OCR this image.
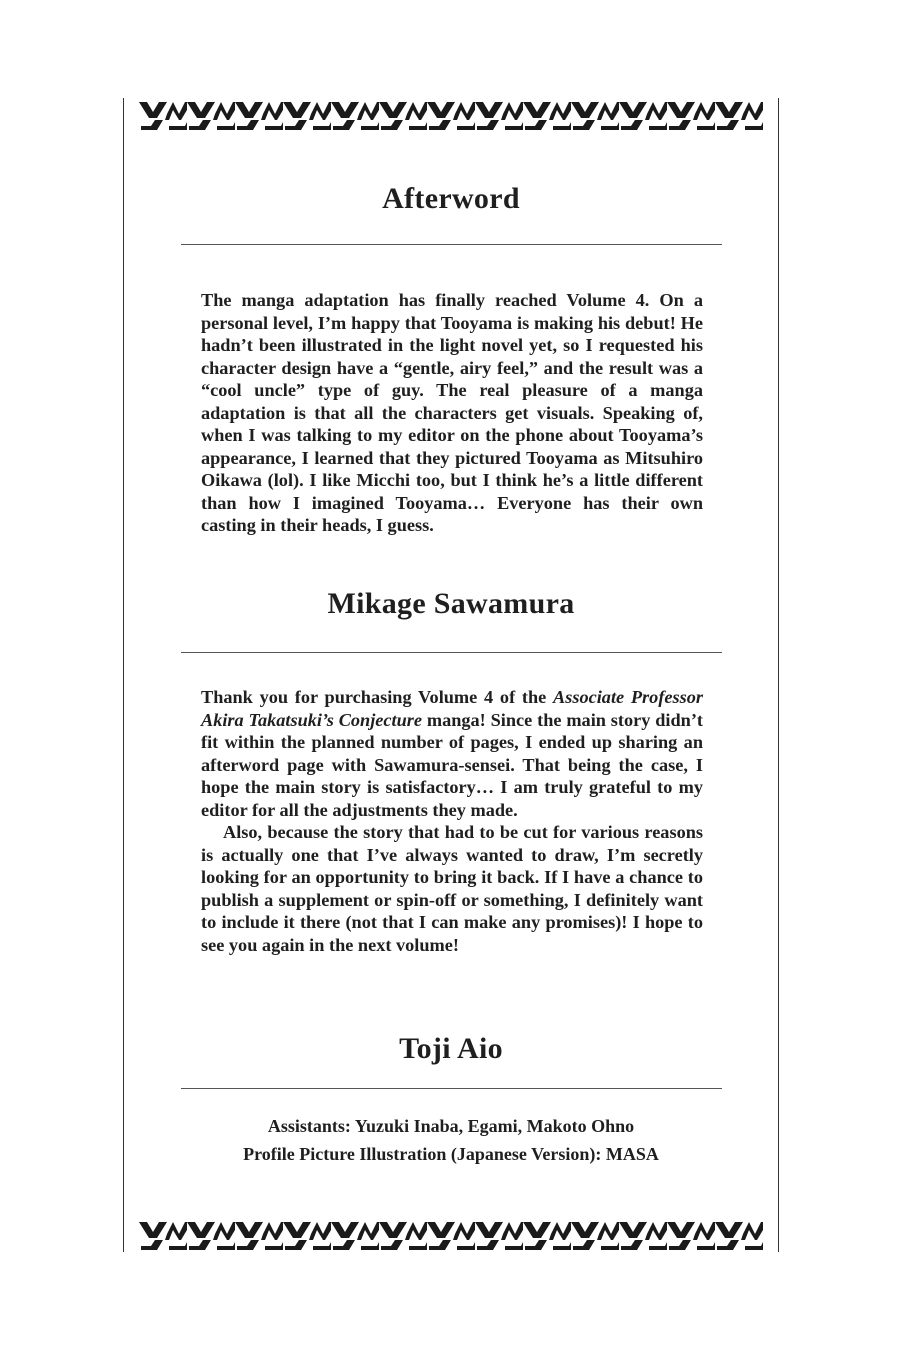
Afterword

The manga adaptation has finally reached Volume 4. On a personal level, I’m happy that Tooyama is making his debut! He hadn’t been illustrated in the light novel yet, so I requested his character design have a “gentle, airy feel,” and the result was a “cool uncle” type of guy. The real pleasure of a manga adaptation is that all the characters get visuals. Speaking of, when I was talking to my editor on the phone about Tooyama’s appearance, I learned that they pictured Tooyama as Mitsuhiro Oikawa (lol). I like Micchi too, but I think he’s a little different than how I imagined Tooyama… Everyone has their own casting in their heads, I guess.

Mikage Sawamura

Thank you for purchasing Volume 4 of the Associate Professor Akira Takatsuki’s Conjecture manga! Since the main story didn’t fit within the planned number of pages, I ended up sharing an afterword page with Sawamura-sensei. That being the case, I hope the main story is satisfactory… I am truly grateful to my editor for all the adjustments they made.

Also, because the story that had to be cut for various reasons is actually one that I’ve always wanted to draw, I’m secretly looking for an opportunity to bring it back. If I have a chance to publish a supplement or spin-off or something, I definitely want to include it there (not that I can make any promises)! I hope to see you again in the next volume!

Toji Aio
Assistants: Yuzuki Inaba, Egami, Makoto Ohno
Profile Picture Illustration (Japanese Version): MASA
